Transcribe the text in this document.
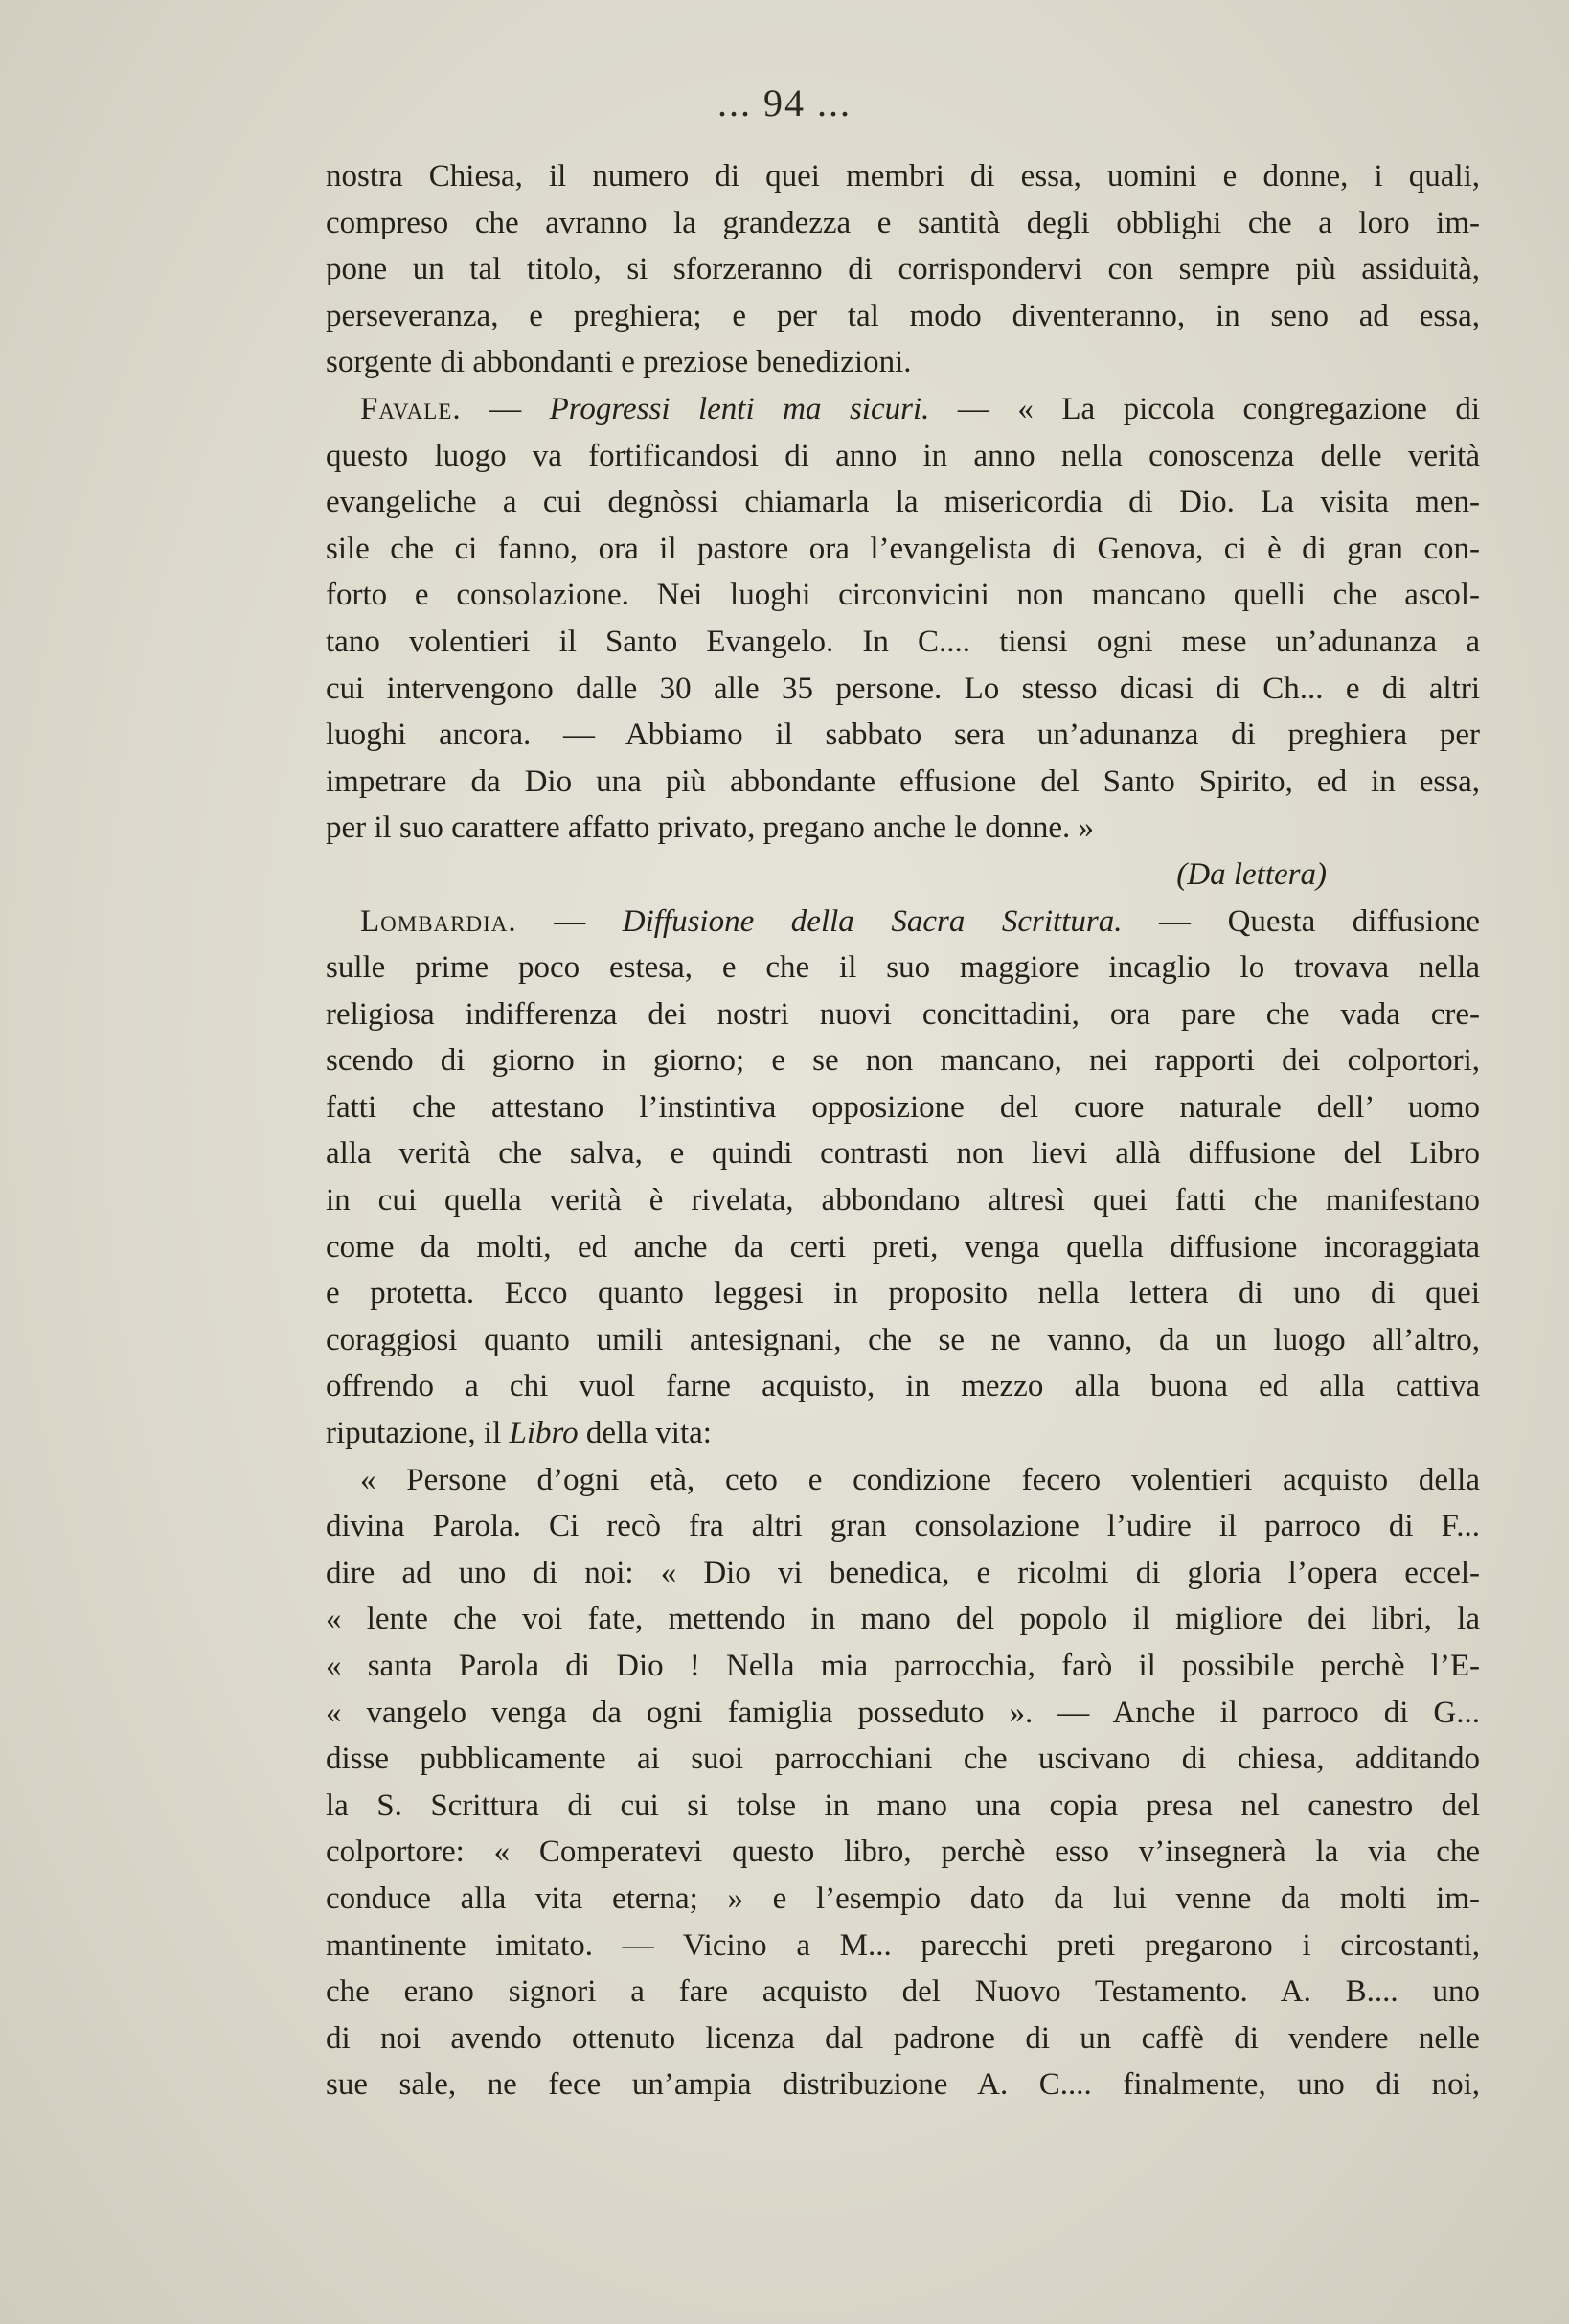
... 94 ...
nostra Chiesa, il numero di quei membri di essa, uomini e donne, i quali,
compreso che avranno la grandezza e santità degli obblighi che a loro im-
pone un tal titolo, si sforzeranno di corrispondervi con sempre più assiduità,
perseveranza, e preghiera; e per tal modo diventeranno, in seno ad essa,
sorgente di abbondanti e preziose benedizioni.
Favale. — Progressi lenti ma sicuri. — « La piccola congregazione di
questo luogo va fortificandosi di anno in anno nella conoscenza delle verità
evangeliche a cui degnòssi chiamarla la misericordia di Dio. La visita men-
sile che ci fanno, ora il pastore ora l’evangelista di Genova, ci è di gran con-
forto e consolazione. Nei luoghi circonvicini non mancano quelli che ascol-
tano volentieri il Santo Evangelo. In C.... tiensi ogni mese un’adunanza a
cui intervengono dalle 30 alle 35 persone. Lo stesso dicasi di Ch... e di altri
luoghi ancora. — Abbiamo il sabbato sera un’adunanza di preghiera per
impetrare da Dio una più abbondante effusione del Santo Spirito, ed in essa,
per il suo carattere affatto privato, pregano anche le donne. »
(Da lettera)
Lombardia. — Diffusione della Sacra Scrittura. — Questa diffusione
sulle prime poco estesa, e che il suo maggiore incaglio lo trovava nella
religiosa indifferenza dei nostri nuovi concittadini, ora pare che vada cre-
scendo di giorno in giorno; e se non mancano, nei rapporti dei colportori,
fatti che attestano l’instintiva opposizione del cuore naturale dell’ uomo
alla verità che salva, e quindi contrasti non lievi allà diffusione del Libro
in cui quella verità è rivelata, abbondano altresì quei fatti che manifestano
come da molti, ed anche da certi preti, venga quella diffusione incoraggiata
e protetta. Ecco quanto leggesi in proposito nella lettera di uno di quei
coraggiosi quanto umili antesignani, che se ne vanno, da un luogo all’altro,
offrendo a chi vuol farne acquisto, in mezzo alla buona ed alla cattiva
riputazione, il Libro della vita:
« Persone d’ogni età, ceto e condizione fecero volentieri acquisto della
divina Parola. Ci recò fra altri gran consolazione l’udire il parroco di F...
dire ad uno di noi: « Dio vi benedica, e ricolmi di gloria l’opera eccel-
« lente che voi fate, mettendo in mano del popolo il migliore dei libri, la
« santa Parola di Dio ! Nella mia parrocchia, farò il possibile perchè l’E-
« vangelo venga da ogni famiglia posseduto ». — Anche il parroco di G...
disse pubblicamente ai suoi parrocchiani che uscivano di chiesa, additando
la S. Scrittura di cui si tolse in mano una copia presa nel canestro del
colportore: « Comperatevi questo libro, perchè esso v’insegnerà la via che
conduce alla vita eterna; » e l’esempio dato da lui venne da molti im-
mantinente imitato. — Vicino a M... parecchi preti pregarono i circostanti,
che erano signori a fare acquisto del Nuovo Testamento. A. B.... uno
di noi avendo ottenuto licenza dal padrone di un caffè di vendere nelle
sue sale, ne fece un’ampia distribuzione A. C.... finalmente, uno di noi,
